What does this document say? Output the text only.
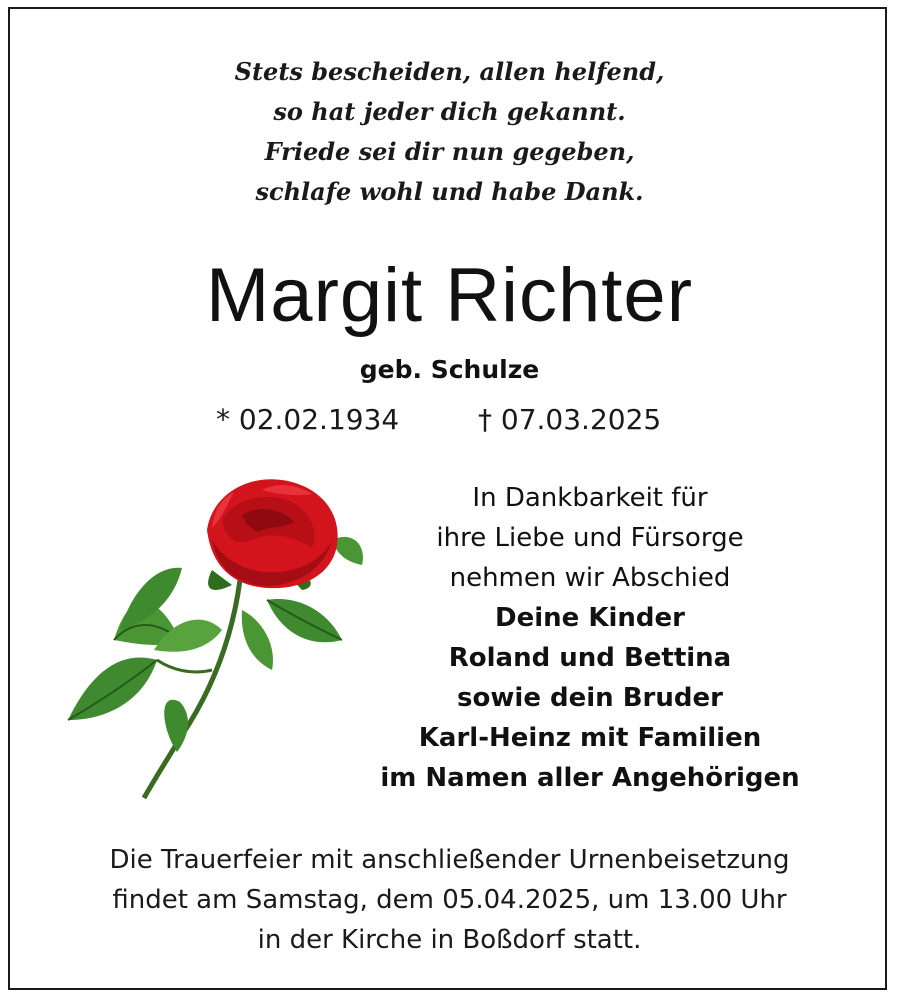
Stets bescheiden, allen helfend,
so hat jeder dich gekannt.
Friede sei dir nun gegeben,
schlafe wohl und habe Dank.
Margit Richter
geb. Schulze
* 02.02.1934	† 07.03.2025
In Dankbarkeit für
ihre Liebe und Fürsorge
nehmen wir Abschied
Deine Kinder
Roland und Bettina
sowie dein Bruder
Karl-Heinz mit Familien
im Namen aller Angehörigen
Die Trauerfeier mit anschließender Urnenbeisetzung
findet am Samstag, dem 05.04.2025, um 13.00 Uhr
in der Kirche in Boßdorf statt.
